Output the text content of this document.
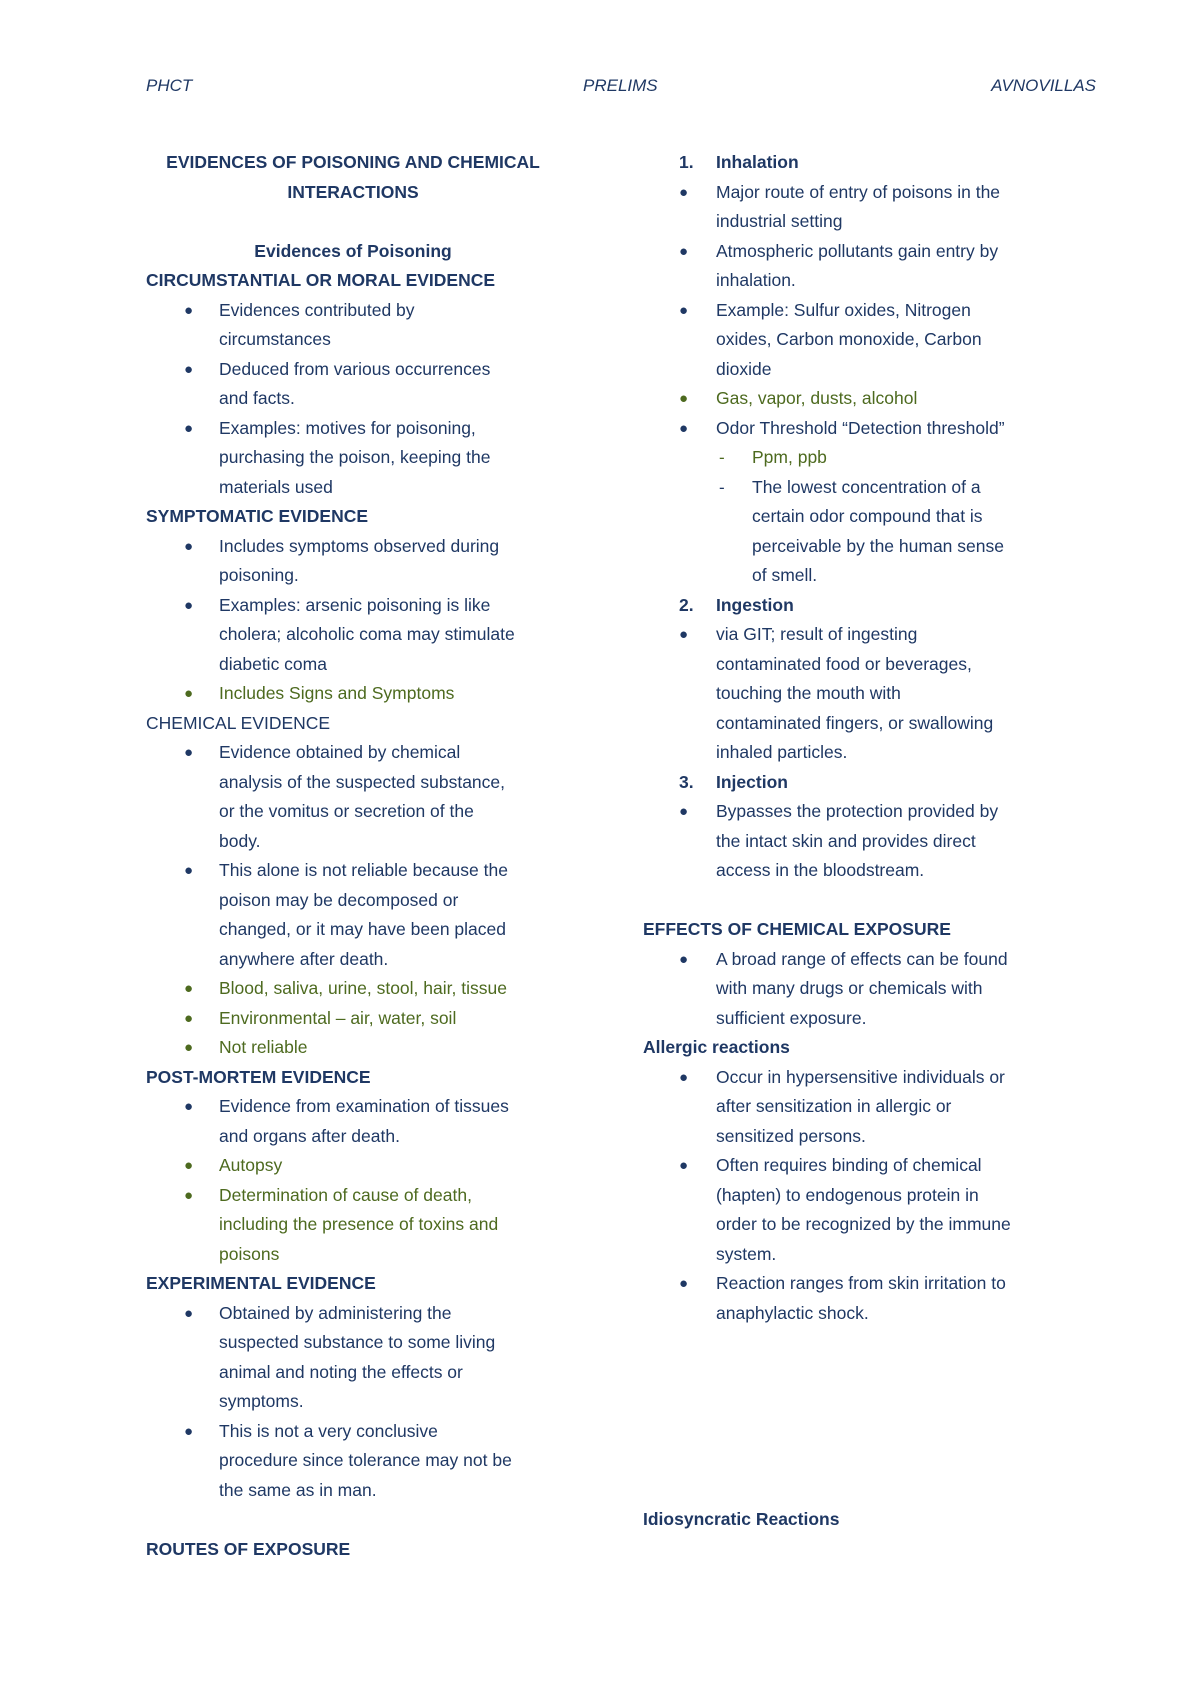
PHCT	PRELIMS	AVNOVILLAS
EVIDENCES OF POISONING AND CHEMICAL
INTERACTIONS
Evidences of Poisoning
CIRCUMSTANTIAL OR MORAL EVIDENCE
● Evidences contributed by
circumstances
● Deduced from various occurrences
and facts.
● Examples: motives for poisoning,
purchasing the poison, keeping the
materials used
SYMPTOMATIC EVIDENCE
● Includes symptoms observed during
poisoning.
● Examples: arsenic poisoning is like
cholera; alcoholic coma may stimulate
diabetic coma
● Includes Signs and Symptoms
CHEMICAL EVIDENCE
● Evidence obtained by chemical
analysis of the suspected substance,
or the vomitus or secretion of the
body.
● This alone is not reliable because the
poison may be decomposed or
changed, or it may have been placed
anywhere after death.
● Blood, saliva, urine, stool, hair, tissue
● Environmental – air, water, soil
● Not reliable
POST-MORTEM EVIDENCE
● Evidence from examination of tissues
and organs after death.
● Autopsy
● Determination of cause of death,
including the presence of toxins and
poisons
EXPERIMENTAL EVIDENCE
● Obtained by administering the
suspected substance to some living
animal and noting the effects or
symptoms.
● This is not a very conclusive
procedure since tolerance may not be
the same as in man.
ROUTES OF EXPOSURE
1. Inhalation
● Major route of entry of poisons in the
industrial setting
● Atmospheric pollutants gain entry by
inhalation.
● Example: Sulfur oxides, Nitrogen
oxides, Carbon monoxide, Carbon
dioxide
● Gas, vapor, dusts, alcohol
● Odor Threshold “Detection threshold”
- Ppm, ppb
- The lowest concentration of a
certain odor compound that is
perceivable by the human sense
of smell.
2. Ingestion
● via GIT; result of ingesting
contaminated food or beverages,
touching the mouth with
contaminated fingers, or swallowing
inhaled particles.
3. Injection
● Bypasses the protection provided by
the intact skin and provides direct
access in the bloodstream.
EFFECTS OF CHEMICAL EXPOSURE
● A broad range of effects can be found
with many drugs or chemicals with
sufficient exposure.
Allergic reactions
● Occur in hypersensitive individuals or
after sensitization in allergic or
sensitized persons.
● Often requires binding of chemical
(hapten) to endogenous protein in
order to be recognized by the immune
system.
● Reaction ranges from skin irritation to
anaphylactic shock.
Idiosyncratic Reactions
